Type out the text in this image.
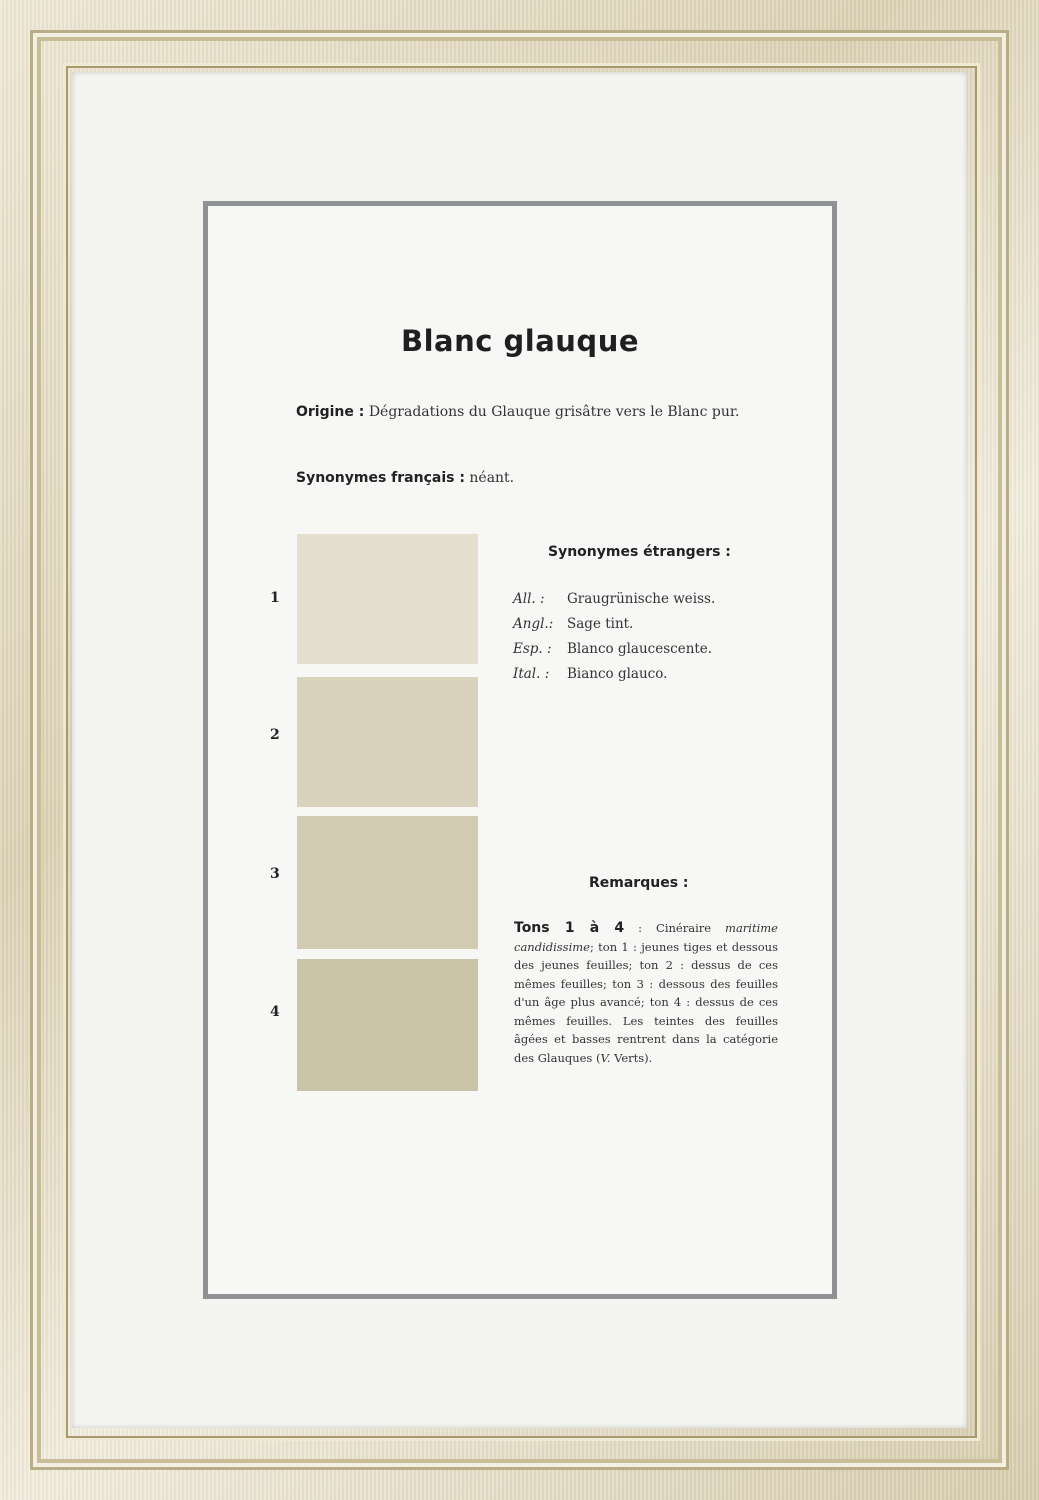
Blanc glauque
Origine : Dégradations du Glauque grisâtre vers le Blanc pur.
Synonymes français : néant.
1
2
3
4
Synonymes étrangers :
All. : Graugrünische weiss.
Angl.: Sage tint.
Esp. : Blanco glaucescente.
Ital. : Bianco glauco.
Remarques :
Tons 1 à 4 : Cinéraire maritime candidissime; ton 1 : jeunes tiges et dessous des jeunes feuilles; ton 2 : dessus de ces mêmes feuilles; ton 3 : dessous des feuilles d'un âge plus avancé; ton 4 : dessus de ces mêmes feuilles. Les teintes des feuilles âgées et basses rentrent dans la catégorie des Glauques (V. Verts).
